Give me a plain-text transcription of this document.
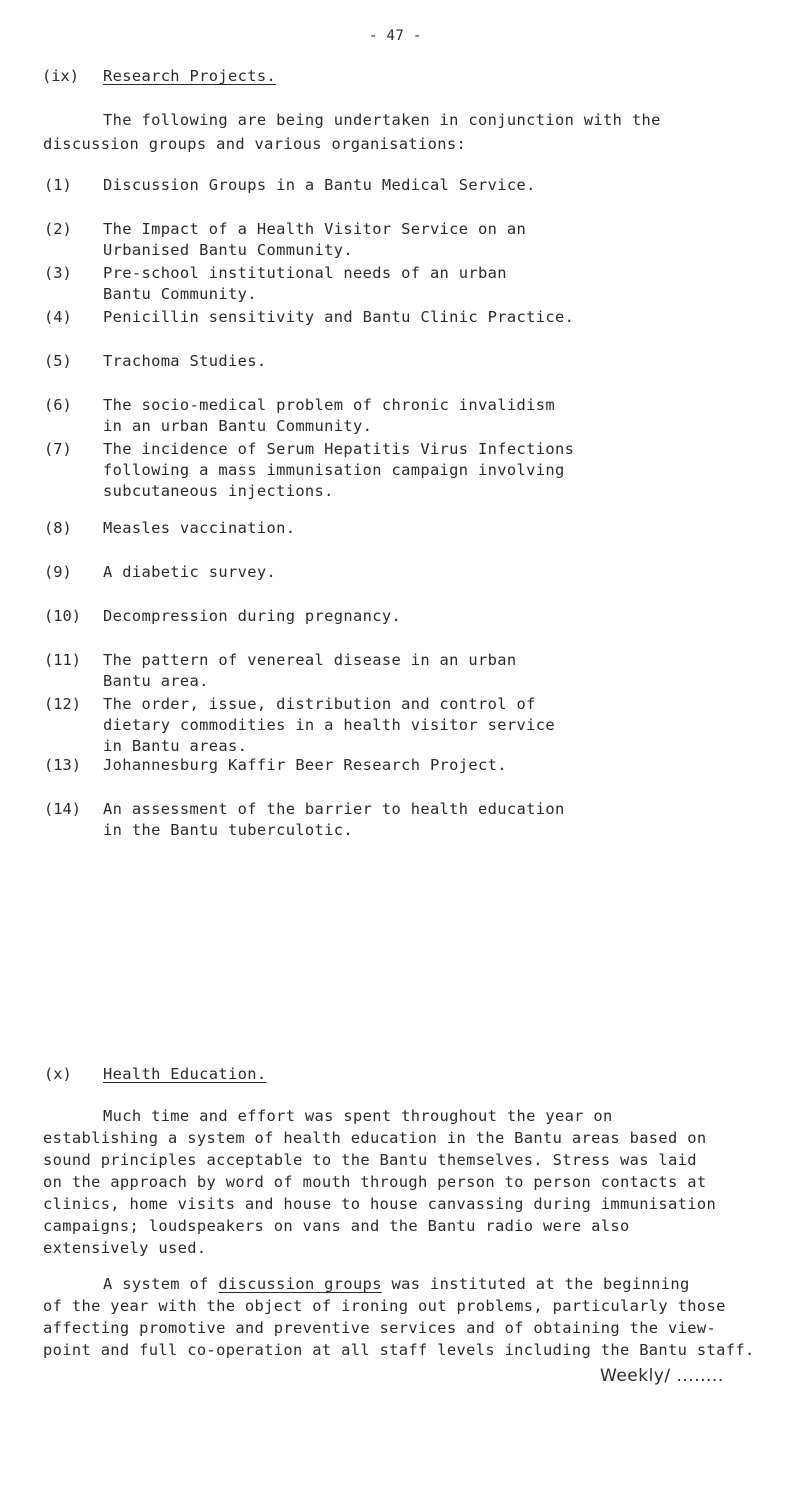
- 47 -
(ix) Research Projects.
The following are being undertaken in conjunction with the
discussion groups and various organisations:
(1) Discussion Groups in a Bantu Medical Service.
(2) The Impact of a Health Visitor Service on an
Urbanised Bantu Community.
(3) Pre-school institutional needs of an urban
Bantu Community.
(4) Penicillin sensitivity and Bantu Clinic Practice.
(5) Trachoma Studies.
(6) The socio-medical problem of chronic invalidism
in an urban Bantu Community.
(7) The incidence of Serum Hepatitis Virus Infections
following a mass immunisation campaign involving
subcutaneous injections.
(8) Measles vaccination.
(9) A diabetic survey.
(10) Decompression during pregnancy.
(11) The pattern of venereal disease in an urban
Bantu area.
(12) The order, issue, distribution and control of
dietary commodities in a health visitor service
in Bantu areas.
(13) Johannesburg Kaffir Beer Research Project.
(14) An assessment of the barrier to health education
in the Bantu tuberculotic.
(x) Health Education.
Much time and effort was spent throughout the year on
establishing a system of health education in the Bantu areas based on
sound principles acceptable to the Bantu themselves. Stress was laid
on the approach by word of mouth through person to person contacts at
clinics, home visits and house to house canvassing during immunisation
campaigns; loudspeakers on vans and the Bantu radio were also
extensively used.
A system of discussion groups was instituted at the beginning
of the year with the object of ironing out problems, particularly those
affecting promotive and preventive services and of obtaining the view-
point and full co-operation at all staff levels including the Bantu staff.
Weekly/ ........
